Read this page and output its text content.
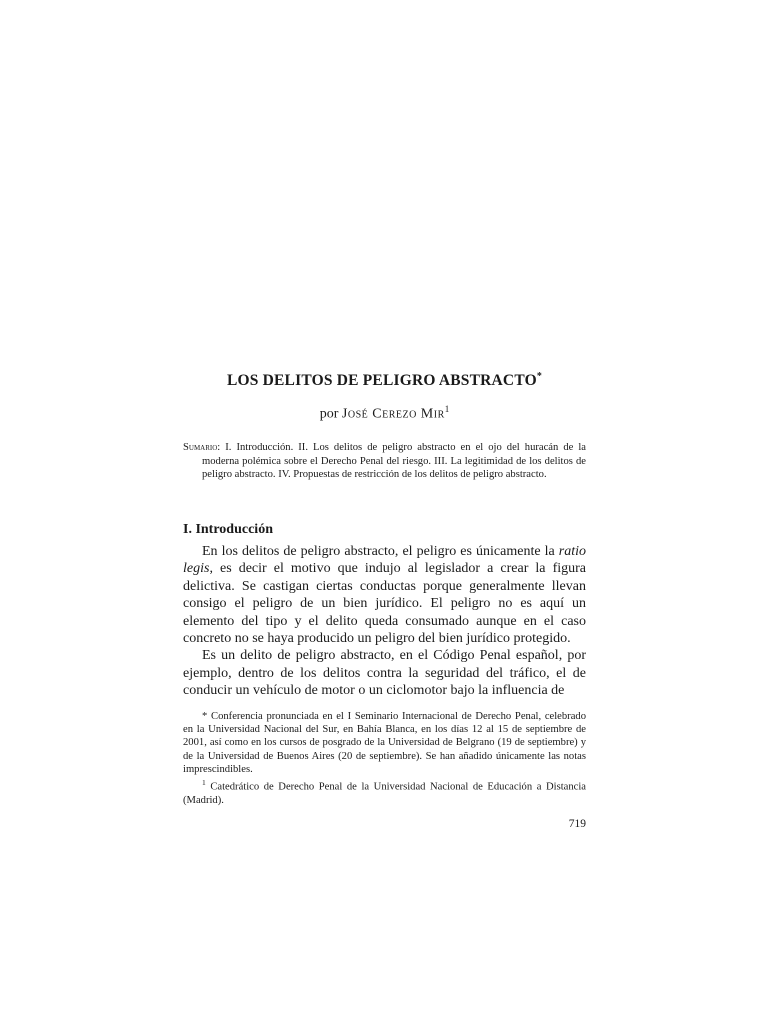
LOS DELITOS DE PELIGRO ABSTRACTO*
por José Cerezo Mir$^1$
Sumario: I. Introducción. II. Los delitos de peligro abstracto en el ojo del huracán de la moderna polémica sobre el Derecho Penal del riesgo. III. La legitimidad de los delitos de peligro abstracto. IV. Propuestas de restricción de los delitos de peligro abstracto.
I. Introducción

En los delitos de peligro abstracto, el peligro es únicamente la ratio legis, es decir el motivo que indujo al legislador a crear la figura delictiva. Se castigan ciertas conductas porque generalmente llevan consigo el peligro de un bien jurídico. El peligro no es aquí un elemento del tipo y el delito queda consumado aunque en el caso concreto no se haya producido un peligro del bien jurídico protegido.

Es un delito de peligro abstracto, en el Código Penal español, por ejemplo, dentro de los delitos contra la seguridad del tráfico, el de conducir un vehículo de motor o un ciclomotor bajo la influencia de

* Conferencia pronunciada en el I Seminario Internacional de Derecho Penal, celebrado en la Universidad Nacional del Sur, en Bahía Blanca, en los días 12 al 15 de septiembre de 2001, así como en los cursos de posgrado de la Universidad de Belgrano (19 de septiembre) y de la Universidad de Buenos Aires (20 de septiembre). Se han añadido únicamente las notas imprescindibles.

$^1$ Catedrático de Derecho Penal de la Universidad Nacional de Educación a Distancia (Madrid).

719
